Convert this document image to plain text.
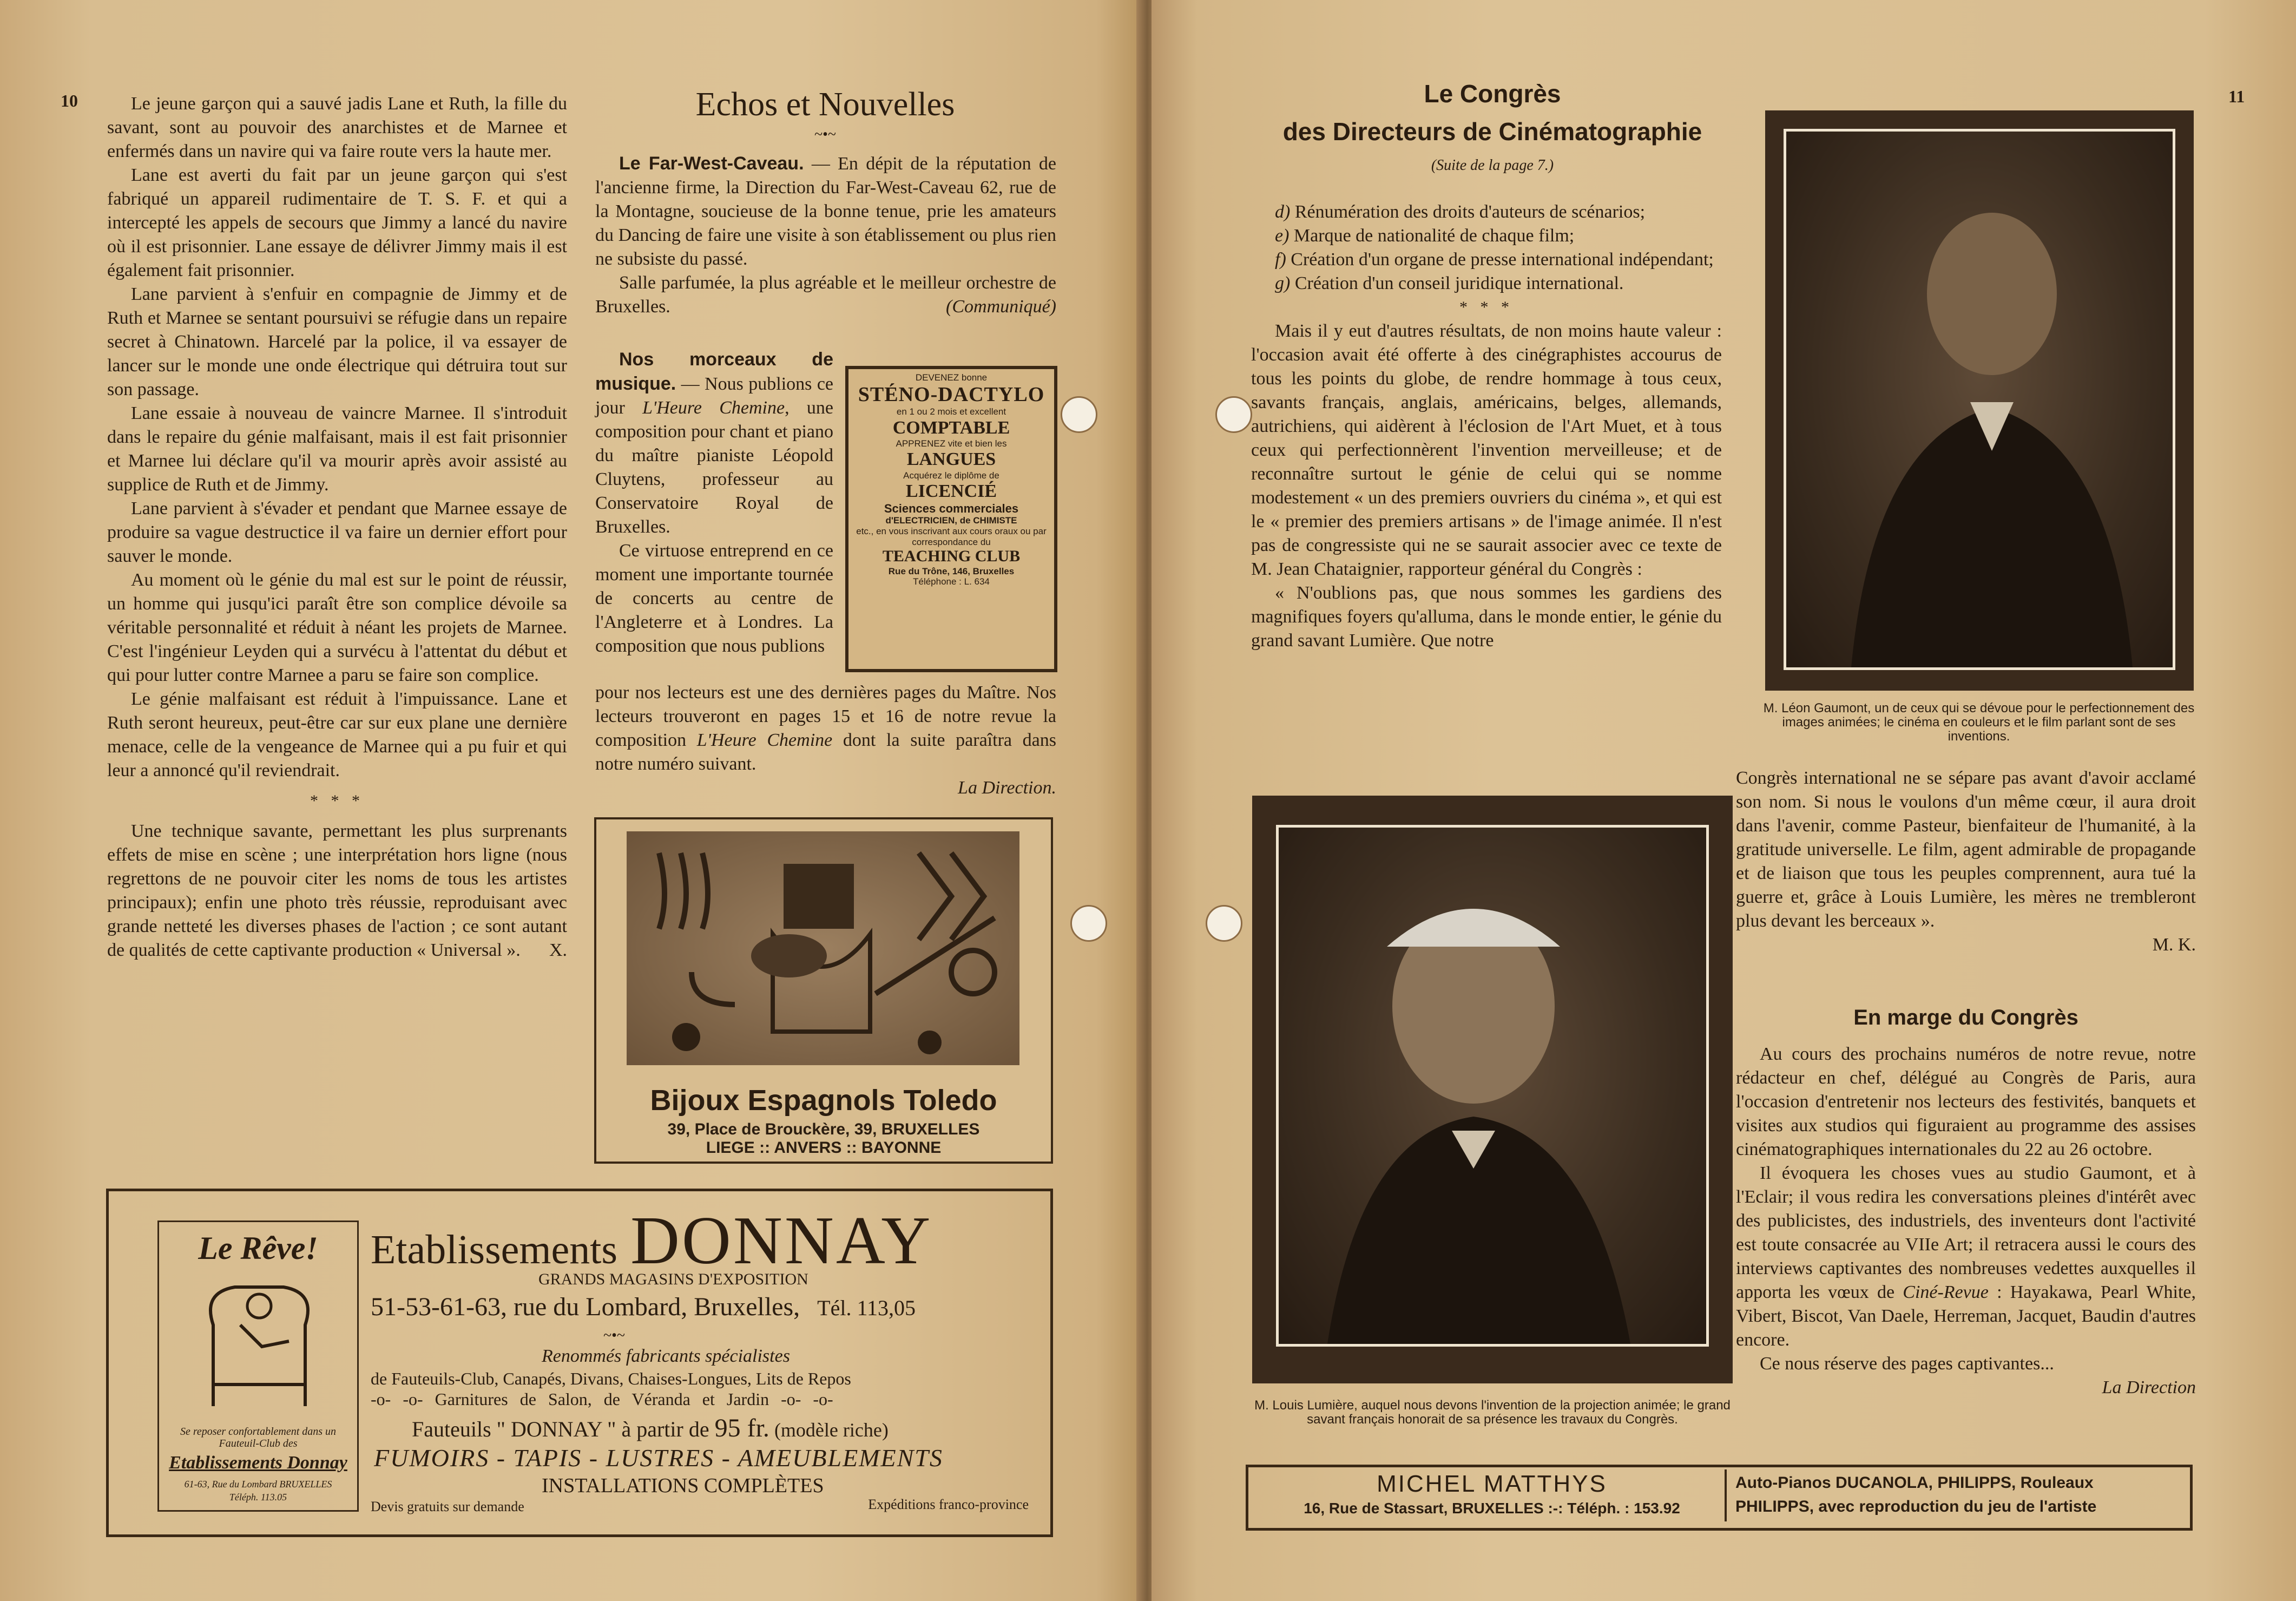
10	Le jeune garçon qui a sauvé jadis Lane et Ruth, la fille du savant, sont au pouvoir des anarchistes et de Marnee et enfermés dans un navire qui va faire route vers la haute mer.

Lane est averti du fait par un jeune garçon qui s'est fabriqué un appareil rudimentaire de T. S. F. et qui a intercepté les appels de secours que Jimmy a lancé du navire où il est prisonnier. Lane essaye de délivrer Jimmy mais il est également fait prisonnier.

Lane parvient à s'enfuir en compagnie de Jimmy et de Ruth et Marnee se sentant poursuivi se réfugie dans un repaire secret à Chinatown. Harcelé par la police, il va essayer de lancer sur le monde une onde électrique qui détruira tout sur son passage.

Lane essaie à nouveau de vaincre Marnee. Il s'introduit dans le repaire du génie malfaisant, mais il est fait prisonnier et Marnee lui déclare qu'il va mourir après avoir assisté au supplice de Ruth et de Jimmy.

Lane parvient à s'évader et pendant que Marnee essaye de produire sa vague destructice il va faire un dernier effort pour sauver le monde.

Au moment où le génie du mal est sur le point de réussir, un homme qui jusqu'ici paraît être son complice dévoile sa véritable personnalité et réduit à néant les projets de Marnee. C'est l'ingénieur Leyden qui a survécu à l'attentat du début et qui pour lutter contre Marnee a paru se faire son complice.

Le génie malfaisant est réduit à l'impuissance. Lane et Ruth seront heureux, peut-être car sur eux plane une dernière menace, celle de la vengeance de Marnee qui a pu fuir et qui leur a annoncé qu'il reviendrait.

* * *

Une technique savante, permettant les plus surprenants effets de mise en scène ; une interprétation hors ligne (nous regrettons de ne pouvoir citer les noms de tous les artistes principaux); enfin une photo très réussie, reproduisant avec grande netteté les diverses phases de l'action ; ce sont autant de qualités de cette captivante production « Universal ».	X.

Echos et Nouvelles
~•~

Le Far-West-Caveau. — En dépit de la réputation de l'ancienne firme, la Direction du Far-West-Caveau 62, rue de la Montagne, soucieuse de la bonne tenue, prie les amateurs du Dancing de faire une visite à son établissement ou plus rien ne subsiste du passé.

Salle parfumée, la plus agréable et le meilleur orchestre de Bruxelles.	(Communiqué)

Nos morceaux de musique. — Nous publions ce jour L'Heure Chemine, une composition pour chant et piano du maître pianiste Léopold Cluytens, professeur au Conservatoire Royal de Bruxelles.

Ce virtuose entreprend en ce moment une importante tournée de concerts au centre de l'Angleterre et à Londres. La composition que nous publions

pour nos lecteurs est une des dernières pages du Maître. Nos lecteurs trouveront en pages 15 et 16 de notre revue la composition L'Heure Chemine dont la suite paraîtra dans notre numéro suivant.

La Direction.
DEVENEZ bonne
STÉNO-DACTYLO
en 1 ou 2 mois et excellent
COMPTABLE
APPRENEZ vite et bien les
LANGUES
Acquérez le diplôme de
LICENCIÉ
Sciences commerciales
d'ELECTRICIEN, de CHIMISTE
etc., en vous inscrivant aux cours oraux ou par correspondance du
TEACHING CLUB
Rue du Trône, 146, Bruxelles
Téléphone : L. 634
Bijoux Espagnols Toledo
39, Place de Brouckère, 39, BRUXELLES
LIEGE :: ANVERS :: BAYONNE
Le Rêve!
Se reposer confortablement dans un Fauteuil-Club des
Etablissements Donnay
61-63, Rue du Lombard BRUXELLES
Téléph. 113.05
Etablissements DONNAY
GRANDS MAGASINS D'EXPOSITION
51-53-61-63, rue du Lombard, Bruxelles, Tél. 113,05
~•~
Renommés fabricants spécialistes
de Fauteuils-Club, Canapés, Divans, Chaises-Longues, Lits de Repos
-o- -o- Garnitures de Salon, de Véranda et Jardin -o- -o-
Fauteuils " DONNAY " à partir de 95 fr. (modèle riche)
FUMOIRS - TAPIS - LUSTRES - AMEUBLEMENTS
INSTALLATIONS COMPLÈTES
Devis gratuits sur demande	Expéditions franco-province
11
Le Congrès
des Directeurs de Cinématographie
(Suite de la page 7.)

d) Rénumération des droits d'auteurs de scénarios;

e) Marque de nationalité de chaque film;

f) Création d'un organe de presse international indépendant;

g) Création d'un conseil juridique international.

* * *

Mais il y eut d'autres résultats, de non moins haute valeur : l'occasion avait été offerte à des cinégraphistes accourus de tous les points du globe, de rendre hommage à tous ceux, savants français, anglais, américains, belges, allemands, autrichiens, qui aidèrent à l'éclosion de l'Art Muet, et à tous ceux qui perfectionnèrent l'invention merveilleuse; et de reconnaître surtout le génie de celui qui se nomme modestement « un des premiers ouvriers du cinéma », et qui est le « premier des premiers artisans » de l'image animée. Il n'est pas de congressiste qui ne se saurait associer avec ce texte de M. Jean Chataignier, rapporteur général du Congrès :

« N'oublions pas, que nous sommes les gardiens des magnifiques foyers qu'alluma, dans le monde entier, le génie du grand savant Lumière. Que notre

M. Léon Gaumont, un de ceux qui se dévoue pour le perfectionnement des images animées; le cinéma en couleurs et le film parlant sont de ses inventions.
M. Louis Lumière, auquel nous devons l'invention de la projection animée; le grand savant français honorait de sa présence les travaux du Congrès.

Congrès international ne se sépare pas avant d'avoir acclamé son nom. Si nous le voulons d'un même cœur, il aura droit dans l'avenir, comme Pasteur, bienfaiteur de l'humanité, à la gratitude universelle. Le film, agent admirable de propagande et de liaison que tous les peuples comprennent, aura tué la guerre et, grâce à Louis Lumière, les mères ne trembleront plus devant les berceaux ».

M. K.
En marge du Congrès

Au cours des prochains numéros de notre revue, notre rédacteur en chef, délégué au Congrès de Paris, aura l'occasion d'entretenir nos lecteurs des festivités, banquets et visites aux studios qui figuraient au programme des assises cinématographiques internationales du 22 au 26 octobre.

Il évoquera les choses vues au studio Gaumont, et à l'Eclair; il vous redira les conversations pleines d'intérêt avec des publicistes, des industriels, des inventeurs dont l'activité est toute consacrée au VIIe Art; il retracera aussi le cours des interviews captivantes des nombreuses vedettes auxquelles il apporta les vœux de Ciné-Revue : Hayakawa, Pearl White, Vibert, Biscot, Van Daele, Herreman, Jacquet, Baudin d'autres encore.

Ce nous réserve des pages captivantes...

La Direction
MICHEL MATTHYS
16, Rue de Stassart, BRUXELLES :-: Téléph. : 153.92
Auto-Pianos DUCANOLA, PHILIPPS, Rouleaux
PHILIPPS, avec reproduction du jeu de l'artiste
